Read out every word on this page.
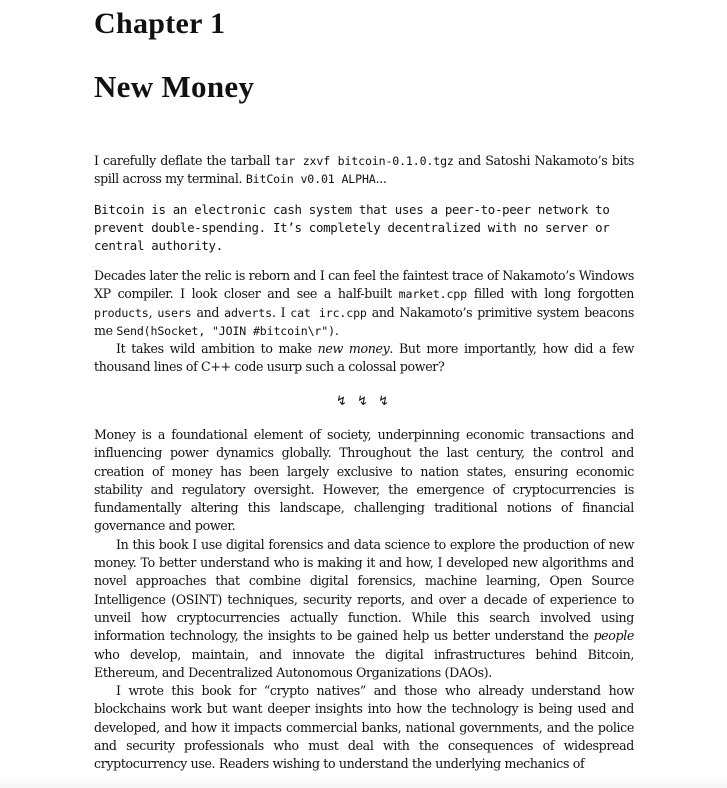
Chapter 1
New Money

I carefully deflate the tarball tar zxvf bitcoin-0.1.0.tgz and Satoshi Nakamoto’s bits spill across my terminal. BitCoin v0.01 ALPHA...

Bitcoin is an electronic cash system that uses a peer-to-peer network to
prevent double-spending. It’s completely decentralized with no server or
central authority.

Decades later the relic is reborn and I can feel the faintest trace of Nakamoto’s Windows XP compiler. I look closer and see a half-built market.cpp filled with long forgotten products, users and adverts. I cat irc.cpp and Nakamoto’s primitive system beacons me Send(hSocket, "JOIN #bitcoin\r").

It takes wild ambition to make new money. But more importantly, how did a few thousand lines of C++ code usurp such a colossal power?

↯ ↯ ↯

Money is a foundational element of society, underpinning economic transactions and influencing power dynamics globally. Throughout the last century, the control and creation of money has been largely exclusive to nation states, ensuring economic stability and regulatory oversight. However, the emergence of cryptocurrencies is fundamentally altering this landscape, challenging traditional notions of financial governance and power.

In this book I use digital forensics and data science to explore the production of new money. To better understand who is making it and how, I developed new algorithms and novel approaches that combine digital forensics, machine learning, Open Source Intelligence (OSINT) techniques, security reports, and over a decade of experience to unveil how cryptocurrencies actually function. While this search involved using information technology, the insights to be gained help us better understand the people who develop, maintain, and innovate the digital infrastructures behind Bitcoin, Ethereum, and Decentralized Autonomous Organizations (DAOs).

I wrote this book for “crypto natives” and those who already understand how blockchains work but want deeper insights into how the technology is being used and developed, and how it impacts commercial banks, national governments, and the police and security professionals who must deal with the consequences of widespread cryptocurrency use. Readers wishing to understand the underlying mechanics of
